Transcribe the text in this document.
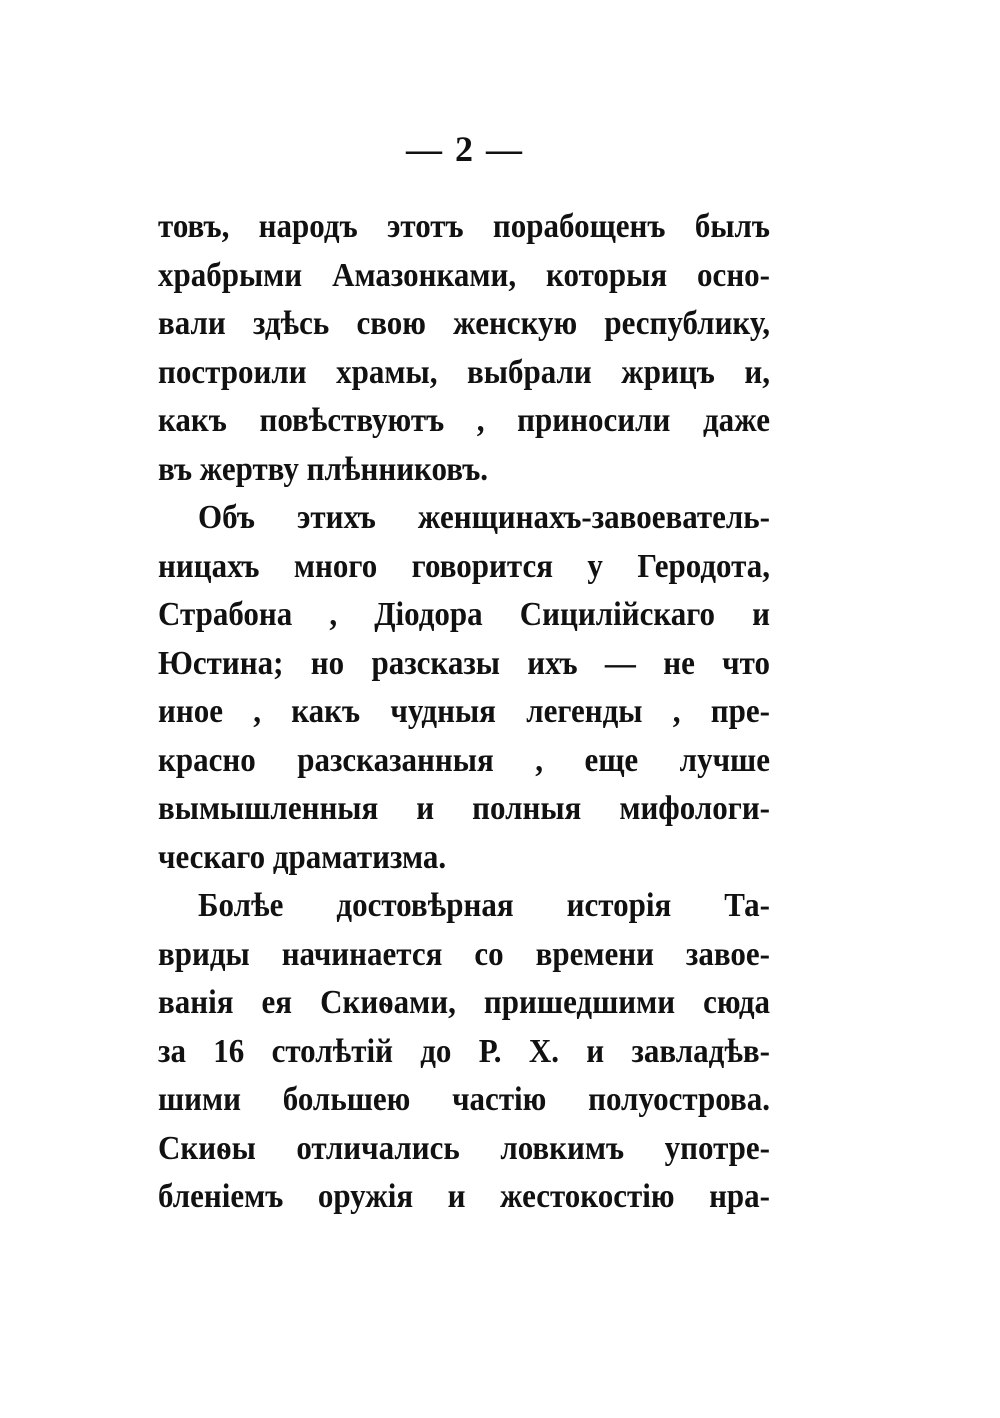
— 2 —
товъ, народъ этотъ порабощенъ былъ
храбрыми Амазонками, которыя осно-
вали здѣсь свою женскую республику,
построили храмы, выбрали жрицъ и,
какъ повѣствуютъ , приносили даже
въ жертву плѣнниковъ.
Объ этихъ женщинахъ-завоеватель-
ницахъ много говорится у Геродота,
Страбона , Діодора Сицилійскаго и
Юстина; но разсказы ихъ — не что
иное , какъ чудныя легенды , пре-
красно разсказанныя , еще лучше
вымышленныя и полныя мифологи-
ческаго драматизма.
Болѣе достовѣрная исторія Та-
вриды начинается со времени завое-
ванія ея Скиѳами, пришедшими сюда
за 16 столѣтій до Р. Х. и завладѣв-
шими большею частію полуострова.
Скиѳы отличались ловкимъ употре-
бленіемъ оружія и жестокостію нра-
